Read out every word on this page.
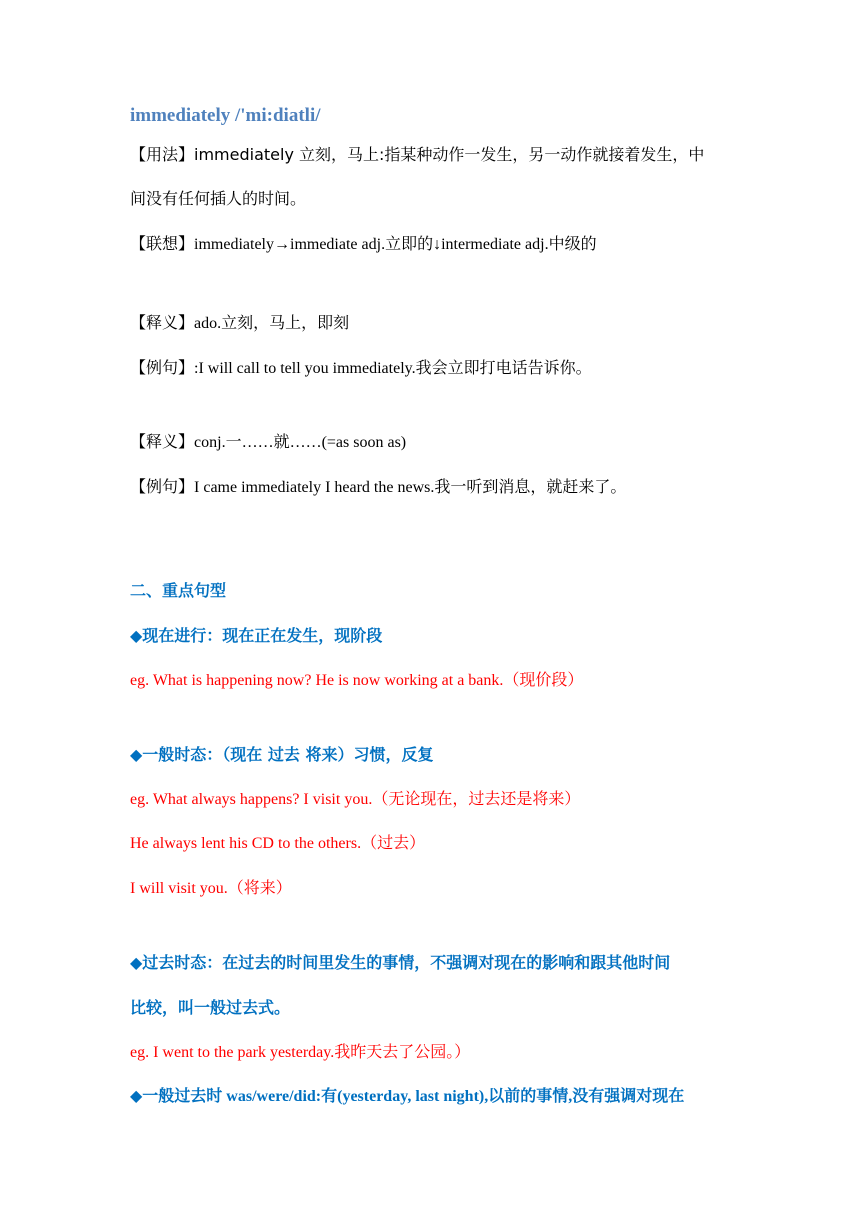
immediately /'mi:diatli/
【用法】immediately 立刻，马上:指某种动作一发生，另一动作就接着发生，中
间没有任何插人的时间。
【联想】immediately→immediate adj.立即的↓intermediate adj.中级的
【释义】ado.立刻，马上，即刻
【例句】:I will call to tell you immediately.我会立即打电话告诉你。
【释义】conj.一……就……(=as soon as)
【例句】I came immediately I heard the news.我一听到消息，就赶来了。
二、重点句型
◆现在进行：现在正在发生，现阶段
eg. What is happening now? He is now working at a bank.（现价段）
◆一般时态：（现在 过去 将来）习惯，反复
eg. What always happens? I visit you.（无论现在，过去还是将来）
He always lent his CD to the others.（过去）
I will visit you.（将来）
◆过去时态：在过去的时间里发生的事情，不强调对现在的影响和跟其他时间
比较，叫一般过去式。
eg. I went to the park yesterday.我昨天去了公园。）
◆一般过去时 was/were/did:有(yesterday, last night),以前的事情,没有强调对现在
